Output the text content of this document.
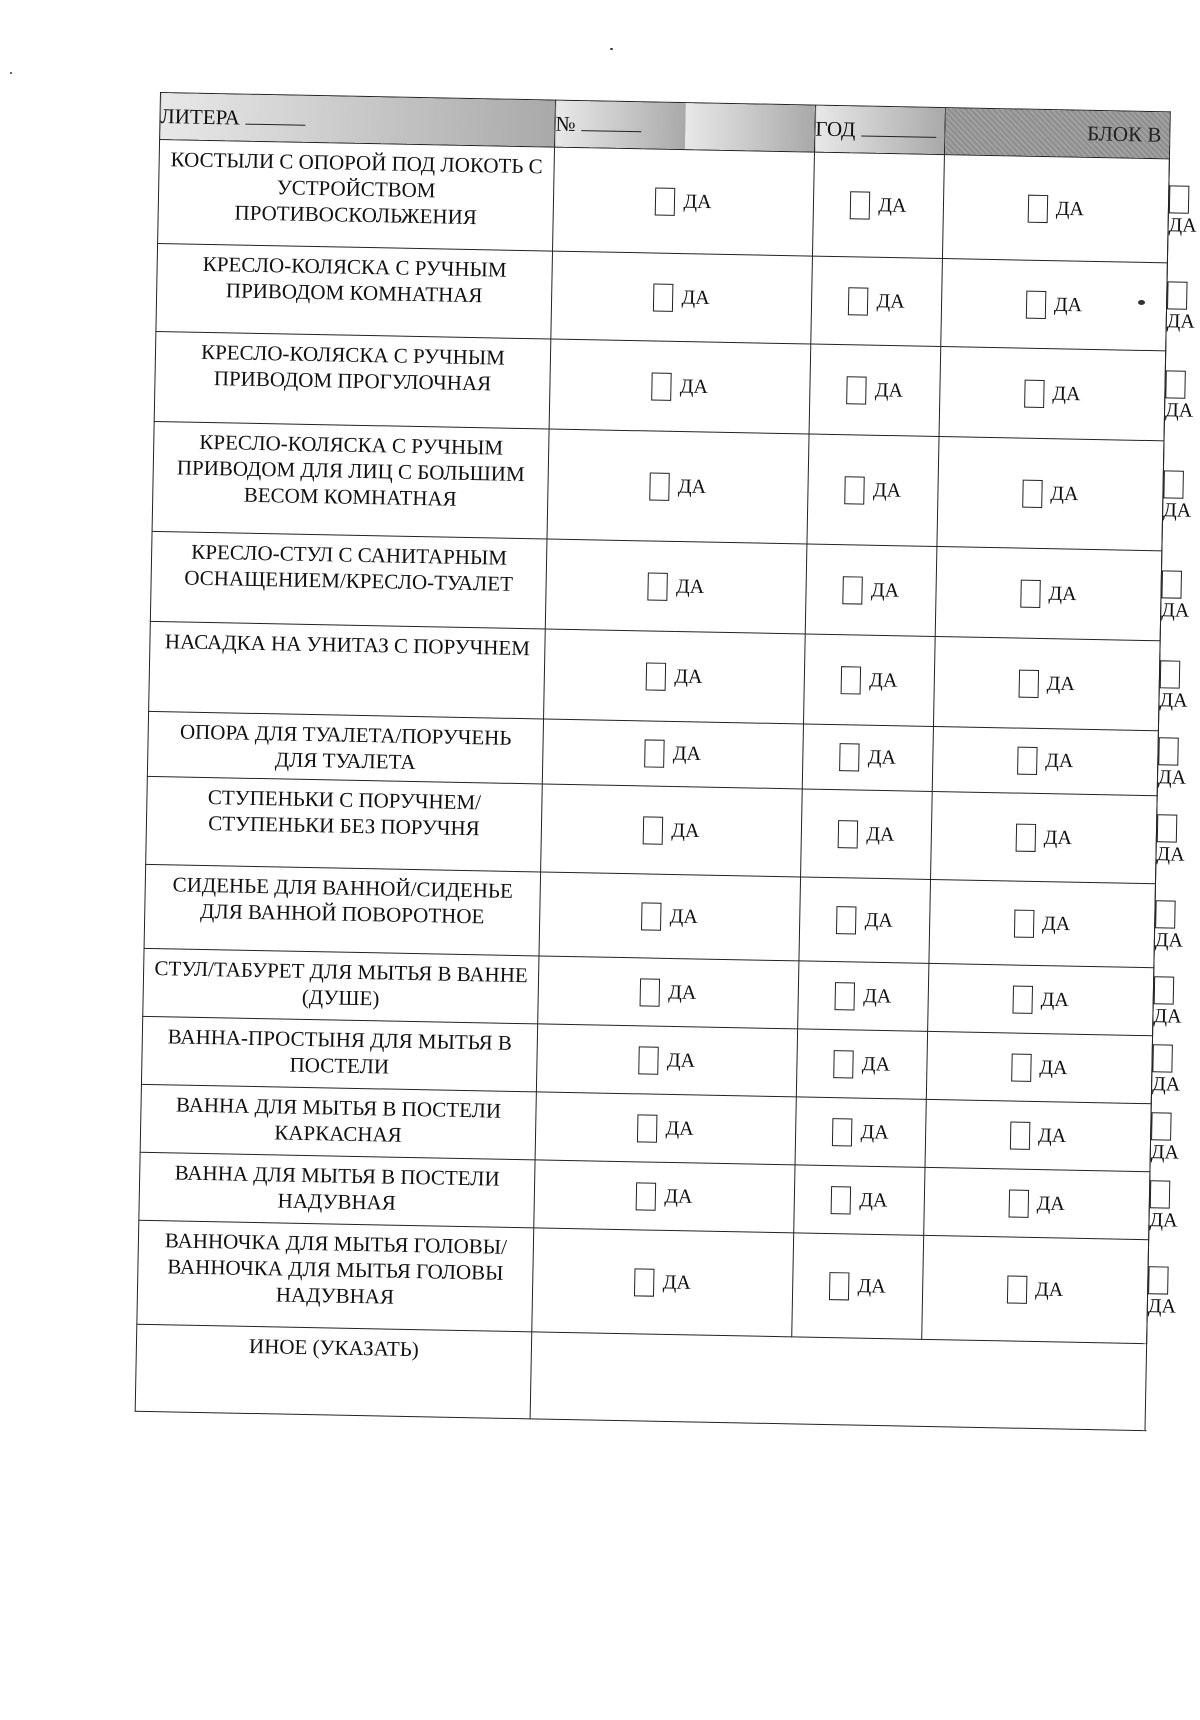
ЛИТЕРА	№		ГОД	БЛОК В	

КОСТЫЛИ С ОПОРОЙ ПОД ЛОКОТЬ С УСТРОЙСТВОМ ПРОТИВОСКОЛЬЖЕНИЯ	ДА		ДА	ДА	ДА
КРЕСЛО-КОЛЯСКА С РУЧНЫМ ПРИВОДОМ КОМНАТНАЯ	ДА		ДА	ДА	ДА
КРЕСЛО-КОЛЯСКА С РУЧНЫМ ПРИВОДОМ ПРОГУЛОЧНАЯ	ДА		ДА	ДА	ДА
КРЕСЛО-КОЛЯСКА С РУЧНЫМ ПРИВОДОМ ДЛЯ ЛИЦ С БОЛЬШИМ ВЕСОМ КОМНАТНАЯ	ДА		ДА	ДА	ДА
КРЕСЛО-СТУЛ С САНИТАРНЫМ ОСНАЩЕНИЕМ/КРЕСЛО-ТУАЛЕТ	ДА		ДА	ДА	ДА
НАСАДКА НА УНИТАЗ С ПОРУЧНЕМ	ДА		ДА	ДА	ДА
ОПОРА ДЛЯ ТУАЛЕТА/ПОРУЧЕНЬ ДЛЯ ТУАЛЕТА	ДА		ДА	ДА	ДА
СТУПЕНЬКИ С ПОРУЧНЕМ/СТУПЕНЬКИ БЕЗ ПОРУЧНЯ	ДА		ДА	ДА	ДА
СИДЕНЬЕ ДЛЯ ВАННОЙ/СИДЕНЬЕ ДЛЯ ВАННОЙ ПОВОРОТНОЕ	ДА		ДА	ДА	ДА
СТУЛ/ТАБУРЕТ ДЛЯ МЫТЬЯ В ВАННЕ (ДУШЕ)	ДА		ДА	ДА	ДА
ВАННА-ПРОСТЫНЯ ДЛЯ МЫТЬЯ В ПОСТЕЛИ	ДА		ДА	ДА	ДА
ВАННА ДЛЯ МЫТЬЯ В ПОСТЕЛИ КАРКАСНАЯ	ДА		ДА	ДА	ДА
ВАННА ДЛЯ МЫТЬЯ В ПОСТЕЛИ НАДУВНАЯ	ДА		ДА	ДА	ДА
ВАННОЧКА ДЛЯ МЫТЬЯ ГОЛОВЫ/ВАННОЧКА ДЛЯ МЫТЬЯ ГОЛОВЫ НАДУВНАЯ	ДА		ДА	ДА	ДА
ИНОЕ (УКАЗАТЬ)					
